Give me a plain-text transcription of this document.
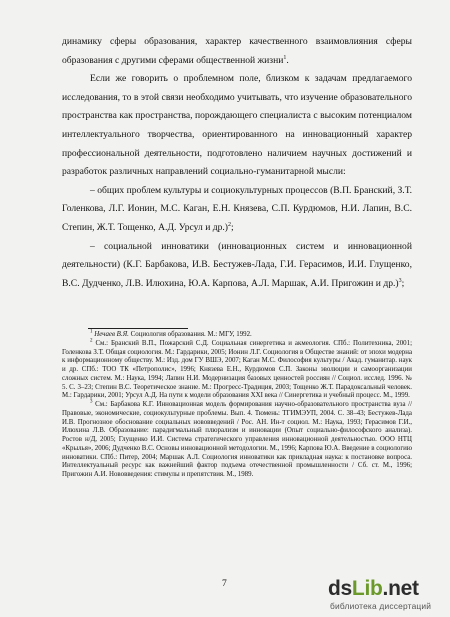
динамику сферы образования, характер качественного взаимовлияния сферы образования с другими сферами общественной жизни$^1$.

Если же говорить о проблемном поле, близком к задачам предлагаемого исследования, то в этой связи необходимо учитывать, что изучение образовательного пространства как пространства, порождающего специалиста с высоким потенциалом интеллектуального творчества, ориентированного на инновационный характер профессиональной деятельности, подготовлено наличием научных достижений и разработок различных направлений социально-гуманитарной мысли:

– общих проблем культуры и социокультурных процессов (В.П. Бранский, З.Т. Голенкова, Л.Г. Ионин, М.С. Каган, Е.Н. Князева, С.П. Курдюмов, Н.И. Лапин, В.С. Степин, Ж.Т. Тощенко, А.Д. Урсул и др.)$^2$;

– социальной инноватики (инновационных систем и инновационной деятельности) (К.Г. Барбакова, И.В. Бестужев-Лада, Г.И. Герасимов, И.И. Глущенко, В.С. Дудченко, Л.В. Илюхина, Ю.А. Карпова, А.Л. Маршак, А.И. Пригожин и др.)$^3$;

$^1$ Нечаев В.Я. Социология образования. М.: МГУ, 1992.

$^2$ См.: Бранский В.П., Пожарский С.Д. Социальная синергетика и акмеология. СПб.: Политехника, 2001; Голенкова З.Т. Общая социология. М.: Гардарики, 2005; Ионин Л.Г. Социология в Обществе знаний: от эпохи модерна к информационному обществу. М.: Изд. дом ГУ ВШЭ, 2007; Каган М.С. Философия культуры / Акад. гуманитар. наук и др. СПб.: ТОО ТК «Петрополис», 1996; Князева Е.Н., Курдюмов С.П. Законы эволюции и самоорганизации сложных систем. М.: Наука, 1994; Лапин Н.И. Модернизация базовых ценностей россиян // Социол. исслед. 1996. № 5. С. 3–23; Степин В.С. Теоретическое знание. М.: Прогресс-Традиция, 2003; Тощенко Ж.Т. Парадоксальный человек. М.: Гардарики, 2001; Урсул А.Д. На пути к модели образования XXI века // Синергетика и учебный процесс. М., 1999.

$^3$ См.: Барбакова К.Г. Инновационная модель формирования научно-образовательного пространства вуза // Правовые, экономические, социокультурные проблемы. Вып. 4. Тюмень: ТГИМЭУП, 2004. С. 38–43; Бестужев-Лада И.В. Прогнозное обоснование социальных нововведений / Рос. АН. Ин-т социол. М.: Наука, 1993; Герасимов Г.И., Илюхина Л.В. Образование: парадигмальный плюрализм и инновации (Опыт социально-философского анализа). Ростов н/Д, 2005; Глущенко И.И. Система стратегического управления инновационной деятельностью. ООО НТЦ «Крылья», 2006; Дудченко В.С. Основы инновационной методологии. М., 1996; Карпова Ю.А. Введение в социологию инноватики. СПб.: Питер, 2004; Маршак А.Л. Социология инноватики как прикладная наука: к постановке вопроса. Интеллектуальный ресурс как важнейший фактор подъема отечественной промышленности / Сб. ст. М., 1996; Пригожин А.И. Нововведения: стимулы и препятствия. М., 1989.

7	dsLib.net
библиотека диссертаций
